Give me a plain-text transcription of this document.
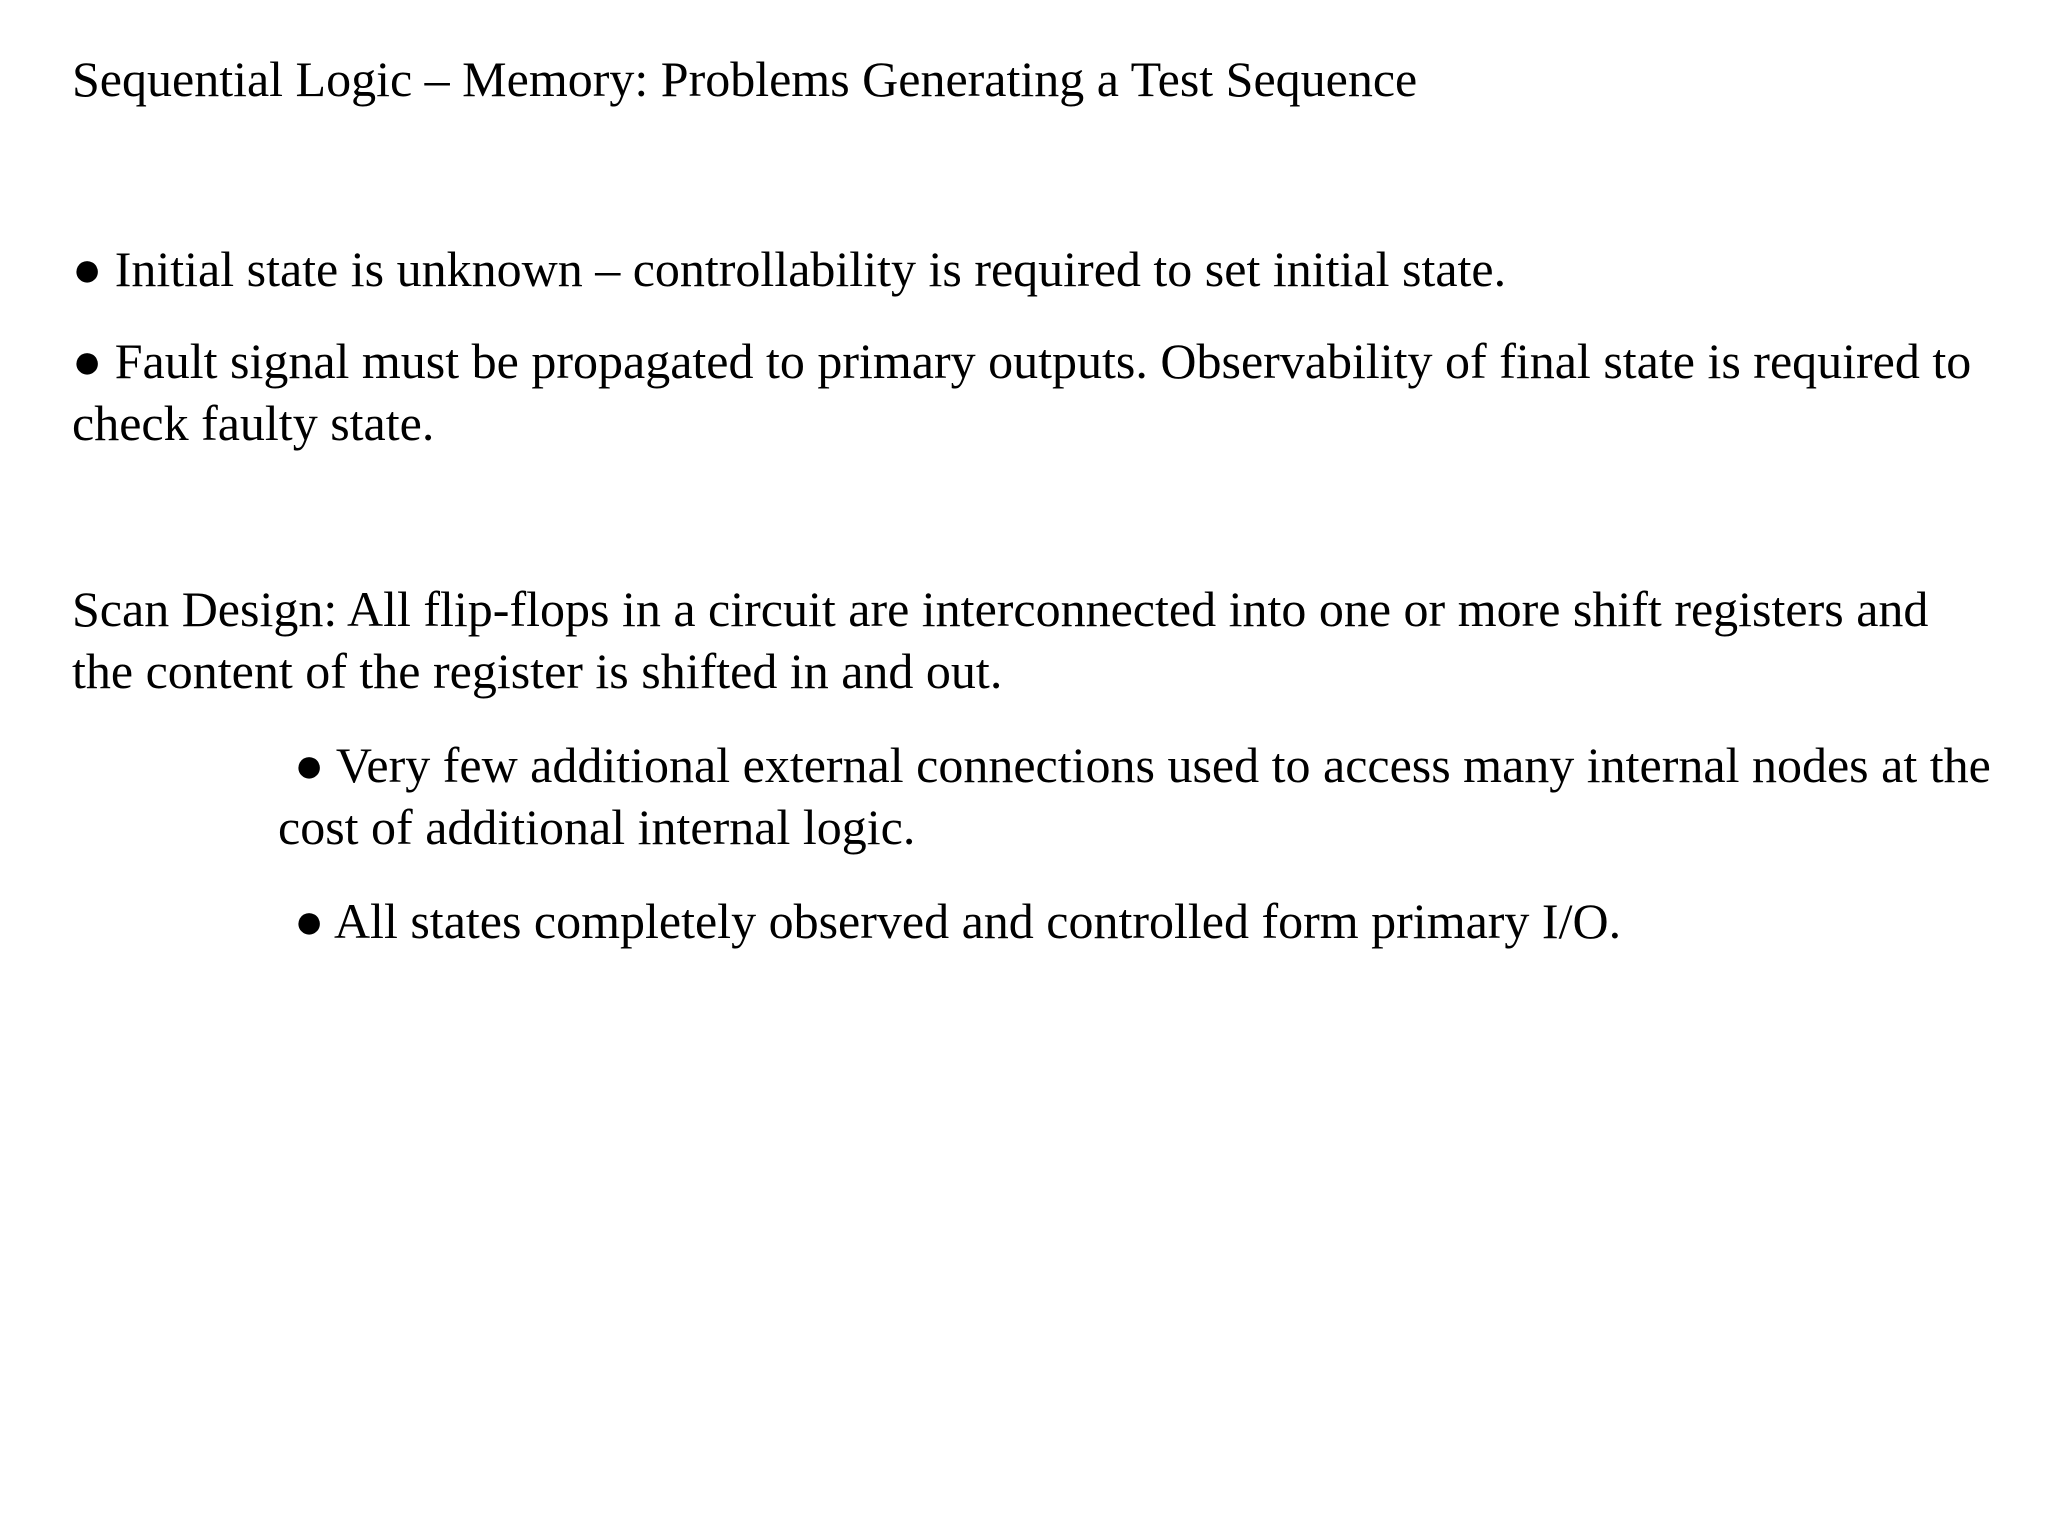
Sequential Logic – Memory: Problems Generating a Test Sequence

● Initial state is unknown – controllability is required to set initial state.

● Fault signal must be propagated to primary outputs. Observability of final state is required to check faulty state.

Scan Design: All flip-flops in a circuit are interconnected into one or more shift registers and the content of the register is shifted in and out.

● Very few additional external connections used to access many internal nodes at the cost of additional internal logic.

● All states completely observed and controlled form primary I/O.
